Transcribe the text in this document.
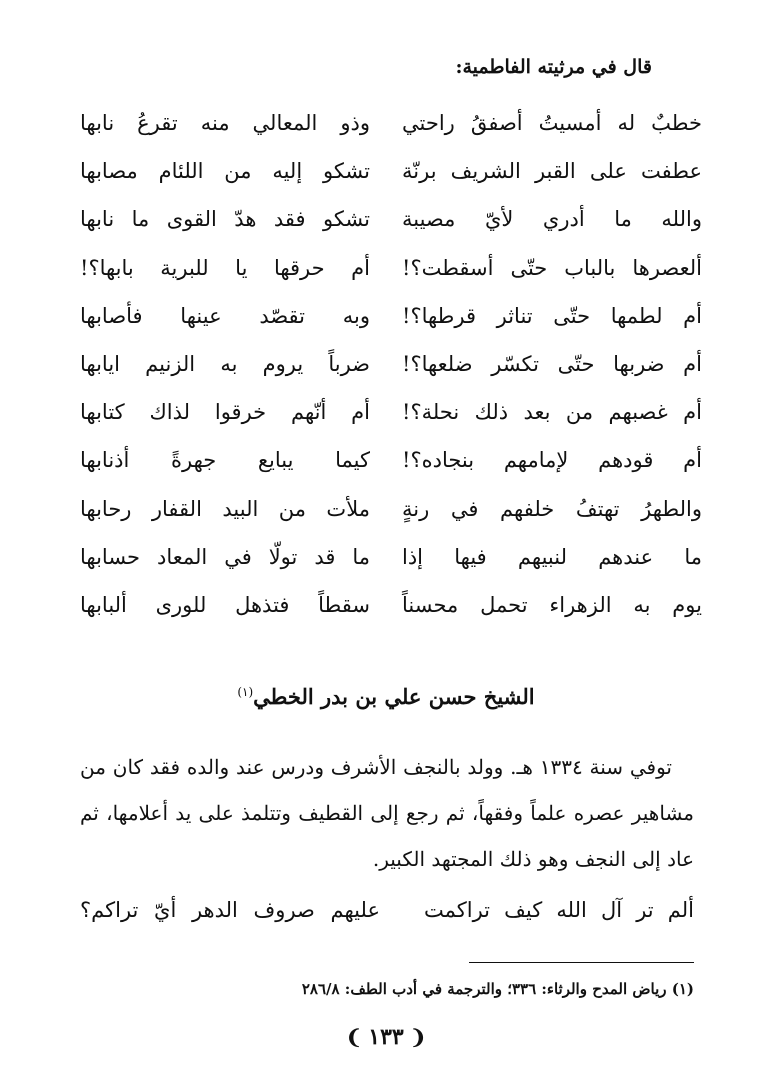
قال في مرثيته الفاطمية:
خطبٌ له أمسيتُ أصفقُ راحتي
وذو المعالي منه تقرعُ نابها
عطفت على القبر الشريف برنّة
تشكو إليه من اللئام مصابها
والله ما أدري لأيّ مصيبة
تشكو فقد هدّ القوى ما نابها
ألعصرها بالباب حتّى أسقطت؟!
أم حرقها يا للبرية بابها؟!
أم لطمها حتّى تناثر قرطها؟!
وبه تقصّد عينها فأصابها
أم ضربها حتّى تكسّر ضلعها؟!
ضرباً يروم به الزنيم ايابها
أم غصبهم من بعد ذلك نحلة؟!
أم أنّهم خرقوا لذاك كتابها
أم قودهم لإمامهم بنجاده؟!
كيما يبايع جهرةً أذنابها
والطهرُ تهتفُ خلفهم في رنةٍ
ملأت من البيد القفار رحابها
ما عندهم لنبيهم فيها إذا
ما قد تولّا في المعاد حسابها
يوم به الزهراء تحمل محسناً
سقطاً فتذهل للورى ألبابها
الشيخ حسن علي بن بدر الخطي$^{(١)}$

توفي سنة ١٣٣٤ هـ. وولد بالنجف الأشرف ودرس عند والده فقد كان من مشاهير عصره علماً وفقهاً، ثم رجع إلى القطيف وتتلمذ على يد أعلامها، ثم عاد إلى النجف وهو ذلك المجتهد الكبير.

ألم تر آل الله كيف تراكمت
عليهم صروف الدهر أيّ تراكم؟
(١) رياض المدح والرثاء: ٣٣٦؛ والترجمة في أدب الطف: ٢٨٦/٨
❨ ١٣٣ ❩
